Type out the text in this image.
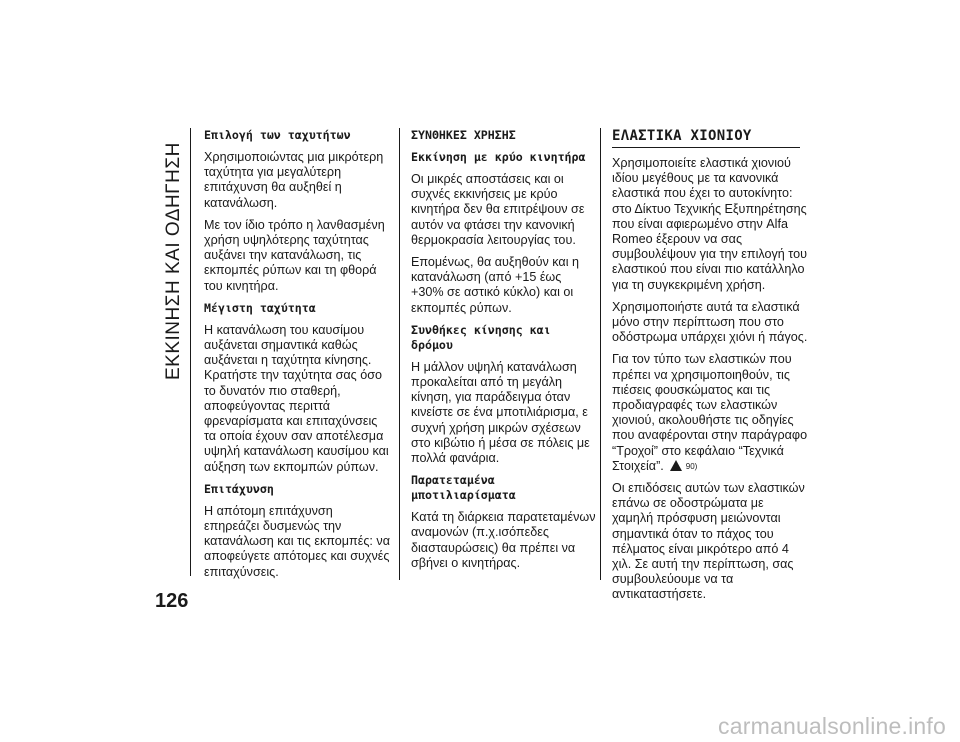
ΕΚΚΙΝΗΣΗ ΚΑΙ ΟΔΗΓΗΣΗ
126
Επιλογή των ταχυτήτων

Χρησιμοποιώντας μια μικρότερη ταχύτητα για μεγαλύτερη επιτάχυνση θα αυξηθεί η κατανάλωση.

Με τον ίδιο τρόπο η λανθασμένη χρήση υψηλότερης ταχύτητας αυξάνει την κατανάλωση, τις εκπομπές ρύπων και τη φθορά του κινητήρα.

Μέγιστη ταχύτητα

Η κατανάλωση του καυσίμου αυξάνεται σημαντικά καθώς αυξάνεται η ταχύτητα κίνησης. Κρατήστε την ταχύτητα σας όσο το δυνατόν πιο σταθερή, αποφεύγοντας περιττά φρεναρίσματα και επιταχύνσεις τα οποία έχουν σαν αποτέλεσμα υψηλή κατανάλωση καυσίμου και αύξηση των εκπομπών ρύπων.

Επιτάχυνση

Η απότομη επιτάχυνση επηρεάζει δυσμενώς την κατανάλωση και τις εκπομπές: να αποφεύγετε απότομες και συχνές επιταχύνσεις.

ΣΥΝΘΗΚΕΣ ΧΡΗΣΗΣ
Εκκίνηση με κρύο κινητήρα

Οι μικρές αποστάσεις και οι συχνές εκκινήσεις με κρύο κινητήρα δεν θα επιτρέψουν σε αυτόν να φτάσει την κανονική θερμοκρασία λειτουργίας του.

Επομένως, θα αυξηθούν και η κατανάλωση (από +15 έως +30% σε αστικό κύκλο) και οι εκπομπές ρύπων.

Συνθήκες κίνησης και δρόμου

Η μάλλον υψηλή κατανάλωση προκαλείται από τη μεγάλη κίνηση, για παράδειγμα όταν κινείστε σε ένα μποτιλιάρισμα, ε συχνή χρήση μικρών σχέσεων στο κιβώτιο ή μέσα σε πόλεις με πολλά φανάρια.

Παρατεταμένα μποτιλιαρίσματα

Κατά τη διάρκεια παρατεταμένων αναμονών (π.χ.ισόπεδες διασταυρώσεις) θα πρέπει να σβήνει ο κινητήρας.

ΕΛΑΣΤΙΚΑ ΧΙΟΝΙΟΥ

Χρησιμοποιείτε ελαστικά χιονιού ιδίου μεγέθους με τα κανονικά ελαστικά που έχει το αυτοκίνητο: στο Δίκτυο Τεχνικής Εξυπηρέτησης που είναι αφιερωμένο στην Alfa Romeo έξερουν να σας συμβουλέψουν για την επιλογή του ελαστικού που είναι πιο κατάλληλο για τη συγκεκριμένη χρήση.

Χρησιμοποιήστε αυτά τα ελαστικά μόνο στην περίπτωση που στο οδόστρωμα υπάρχει χιόνι ή πάγος.

Για τον τύπο των ελαστικών που πρέπει να χρησιμοποιηθούν, τις πιέσεις φουσκώματος και τις προδιαγραφές των ελαστικών χιονιού, ακολουθήστε τις οδηγίες που αναφέρονται στην παράγραφο “Τροχοί” στο κεφάλαιο “Τεχνικά Στοιχεία”.	90)

Οι επιδόσεις αυτών των ελαστικών επάνω σε οδοστρώματα με χαμηλή πρόσφυση μειώνονται σημαντικά όταν το πάχος του πέλματος είναι μικρότερο από 4 χιλ. Σε αυτή την περίπτωση, σας συμβουλεύουμε να τα αντικαταστήσετε.

carmanualsonline.info
